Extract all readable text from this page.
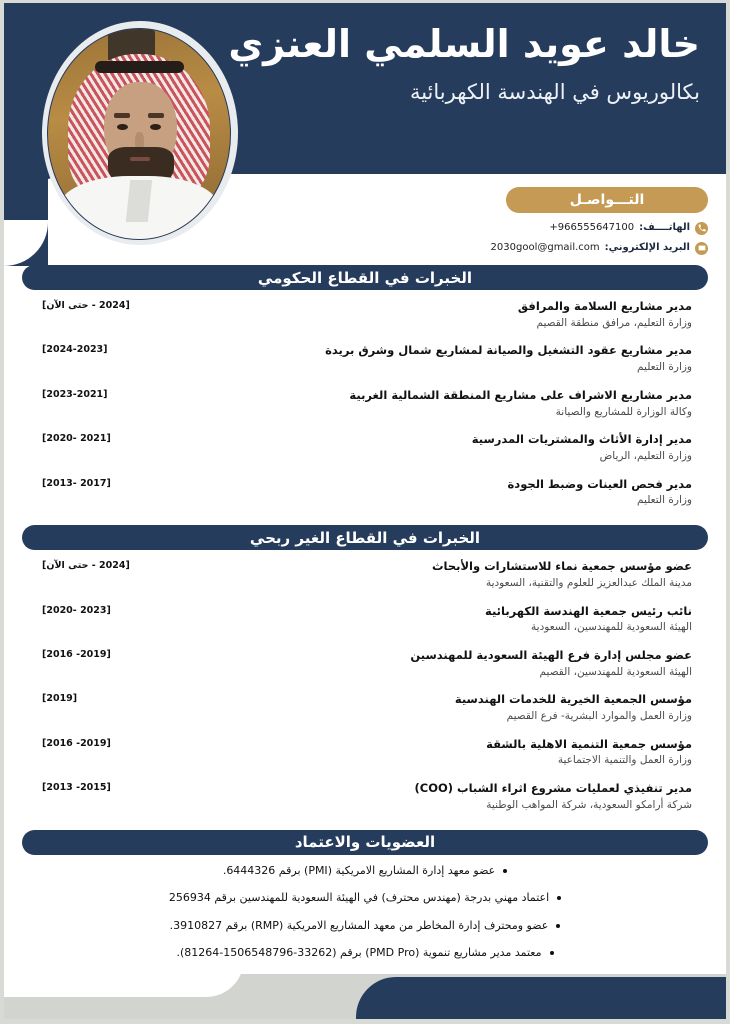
خالد عويد السلمي العنزي
بكالوريوس في الهندسة الكهربائية
التـــواصـل
الهاتــــف:
+966555647100
البريد الإلكتروني:
2030gool@gmail.com
الخبرات في القطاع الحكومي
مدير مشاريع السلامة والمرافق
وزارة التعليم، مرافق منطقة القصيم
[2024 - حتى الآن]
مدير مشاريع عقود التشغيل والصيانة لمشاريع شمال وشرق بريدة
وزارة التعليم
[2024-2023]
مدير مشاريع الاشراف على مشاريع المنطقة الشمالية الغربية
وكالة الوزارة للمشاريع والصيانة
[2023-2021]
مدير إدارة الأثاث والمشتريات المدرسية
وزارة التعليم، الرياض
[2021 -2020]
مدير فحص العينات وضبط الجودة
وزارة التعليم
[2017 -2013]
الخبرات في القطاع الغير ربحي
عضو مؤسس جمعية نماء للاستشارات والأبحاث
مدينة الملك عبدالعزيز للعلوم والتقنية، السعودية
[2024 - حتى الآن]
نائب رئيس جمعية الهندسة الكهربائية
الهيئة السعودية للمهندسين، السعودية
[2023 -2020]
عضو مجلس إدارة فرع الهيئة السعودية للمهندسين
الهيئة السعودية للمهندسين، القصيم
[2019- 2016]
مؤسس الجمعية الخيرية للخدمات الهندسية
وزارة العمل والموارد البشرية- فرع القصيم
[2019]
مؤسس جمعية التنمية الاهلية بالشقة
وزارة العمل والتنمية الاجتماعية
[2019- 2016]
مدير تنفيذي لعمليات مشروع اثراء الشباب (COO)
شركة أرامكو السعودية، شركة المواهب الوطنية
[2015- 2013]
العضويات والاعتماد
عضو معهد إدارة المشاريع الامريكية (PMI) برقم 6444326.
اعتماد مهني بدرجة (مهندس محترف) في الهيئة السعودية للمهندسين برقم 256934
عضو ومحترف إدارة المخاطر من معهد المشاريع الامريكية (RMP) برقم 3910827.
معتمد مدير مشاريع تنموية (PMD Pro) برقم (33262-1506548796-81264).
